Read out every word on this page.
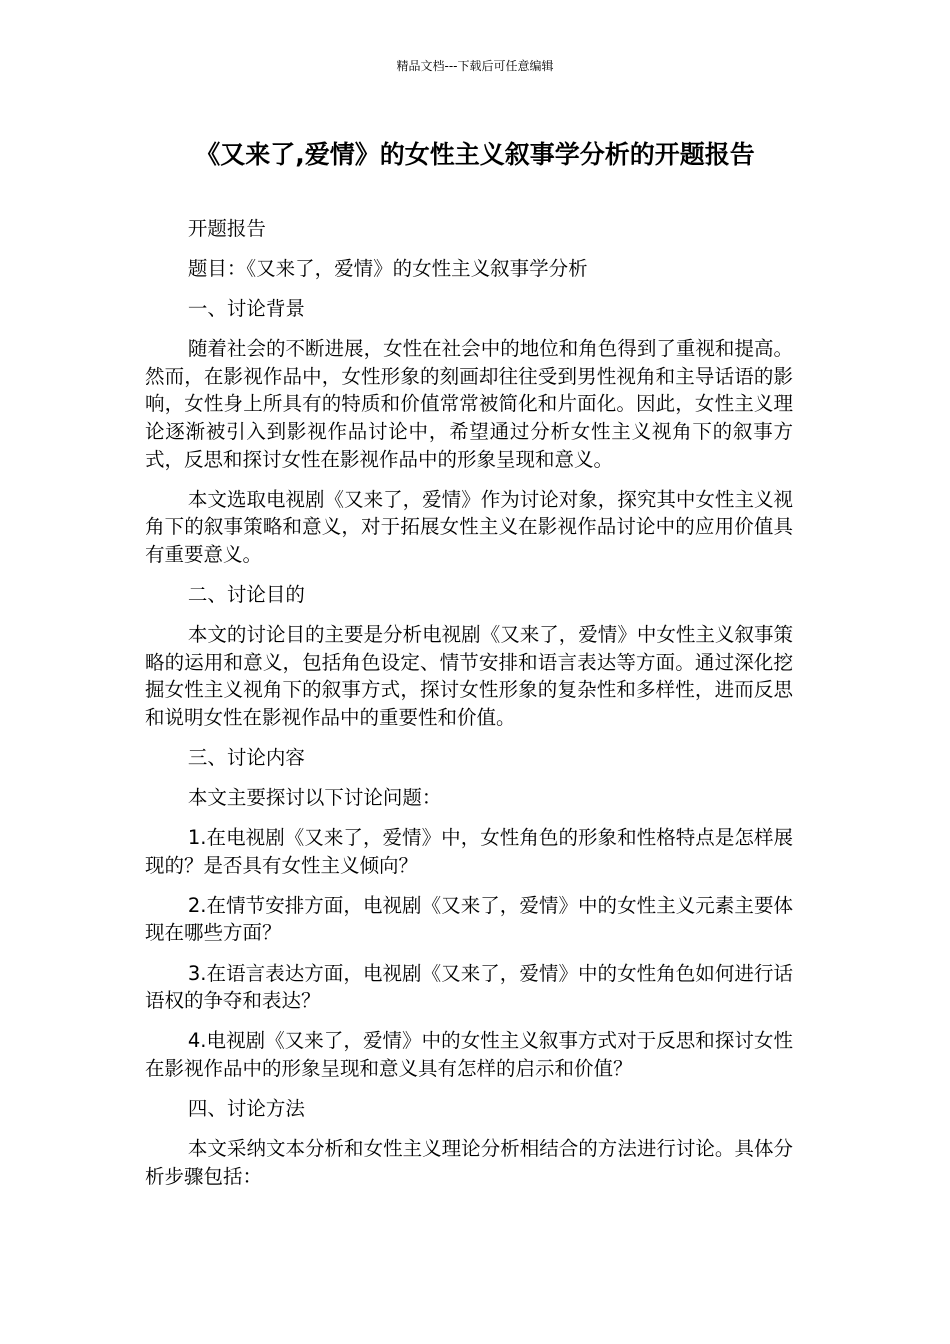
精品文档---下载后可任意编辑
《又来了,爱情》的女性主义叙事学分析的开题报告

开题报告

题目：《又来了，爱情》的女性主义叙事学分析

一、讨论背景

随着社会的不断进展，女性在社会中的地位和角色得到了重视和提高。然而，在影视作品中，女性形象的刻画却往往受到男性视角和主导话语的影响，女性身上所具有的特质和价值常常被简化和片面化。因此，女性主义理论逐渐被引入到影视作品讨论中，希望通过分析女性主义视角下的叙事方式，反思和探讨女性在影视作品中的形象呈现和意义。

本文选取电视剧《又来了，爱情》作为讨论对象，探究其中女性主义视角下的叙事策略和意义，对于拓展女性主义在影视作品讨论中的应用价值具有重要意义。

二、讨论目的

本文的讨论目的主要是分析电视剧《又来了，爱情》中女性主义叙事策略的运用和意义，包括角色设定、情节安排和语言表达等方面。通过深化挖掘女性主义视角下的叙事方式，探讨女性形象的复杂性和多样性，进而反思和说明女性在影视作品中的重要性和价值。

三、讨论内容

本文主要探讨以下讨论问题：

1.在电视剧《又来了，爱情》中，女性角色的形象和性格特点是怎样展现的？是否具有女性主义倾向？

2.在情节安排方面，电视剧《又来了，爱情》中的女性主义元素主要体现在哪些方面？

3.在语言表达方面，电视剧《又来了，爱情》中的女性角色如何进行话语权的争夺和表达？

4.电视剧《又来了，爱情》中的女性主义叙事方式对于反思和探讨女性在影视作品中的形象呈现和意义具有怎样的启示和价值？

四、讨论方法

本文采纳文本分析和女性主义理论分析相结合的方法进行讨论。具体分析步骤包括：
